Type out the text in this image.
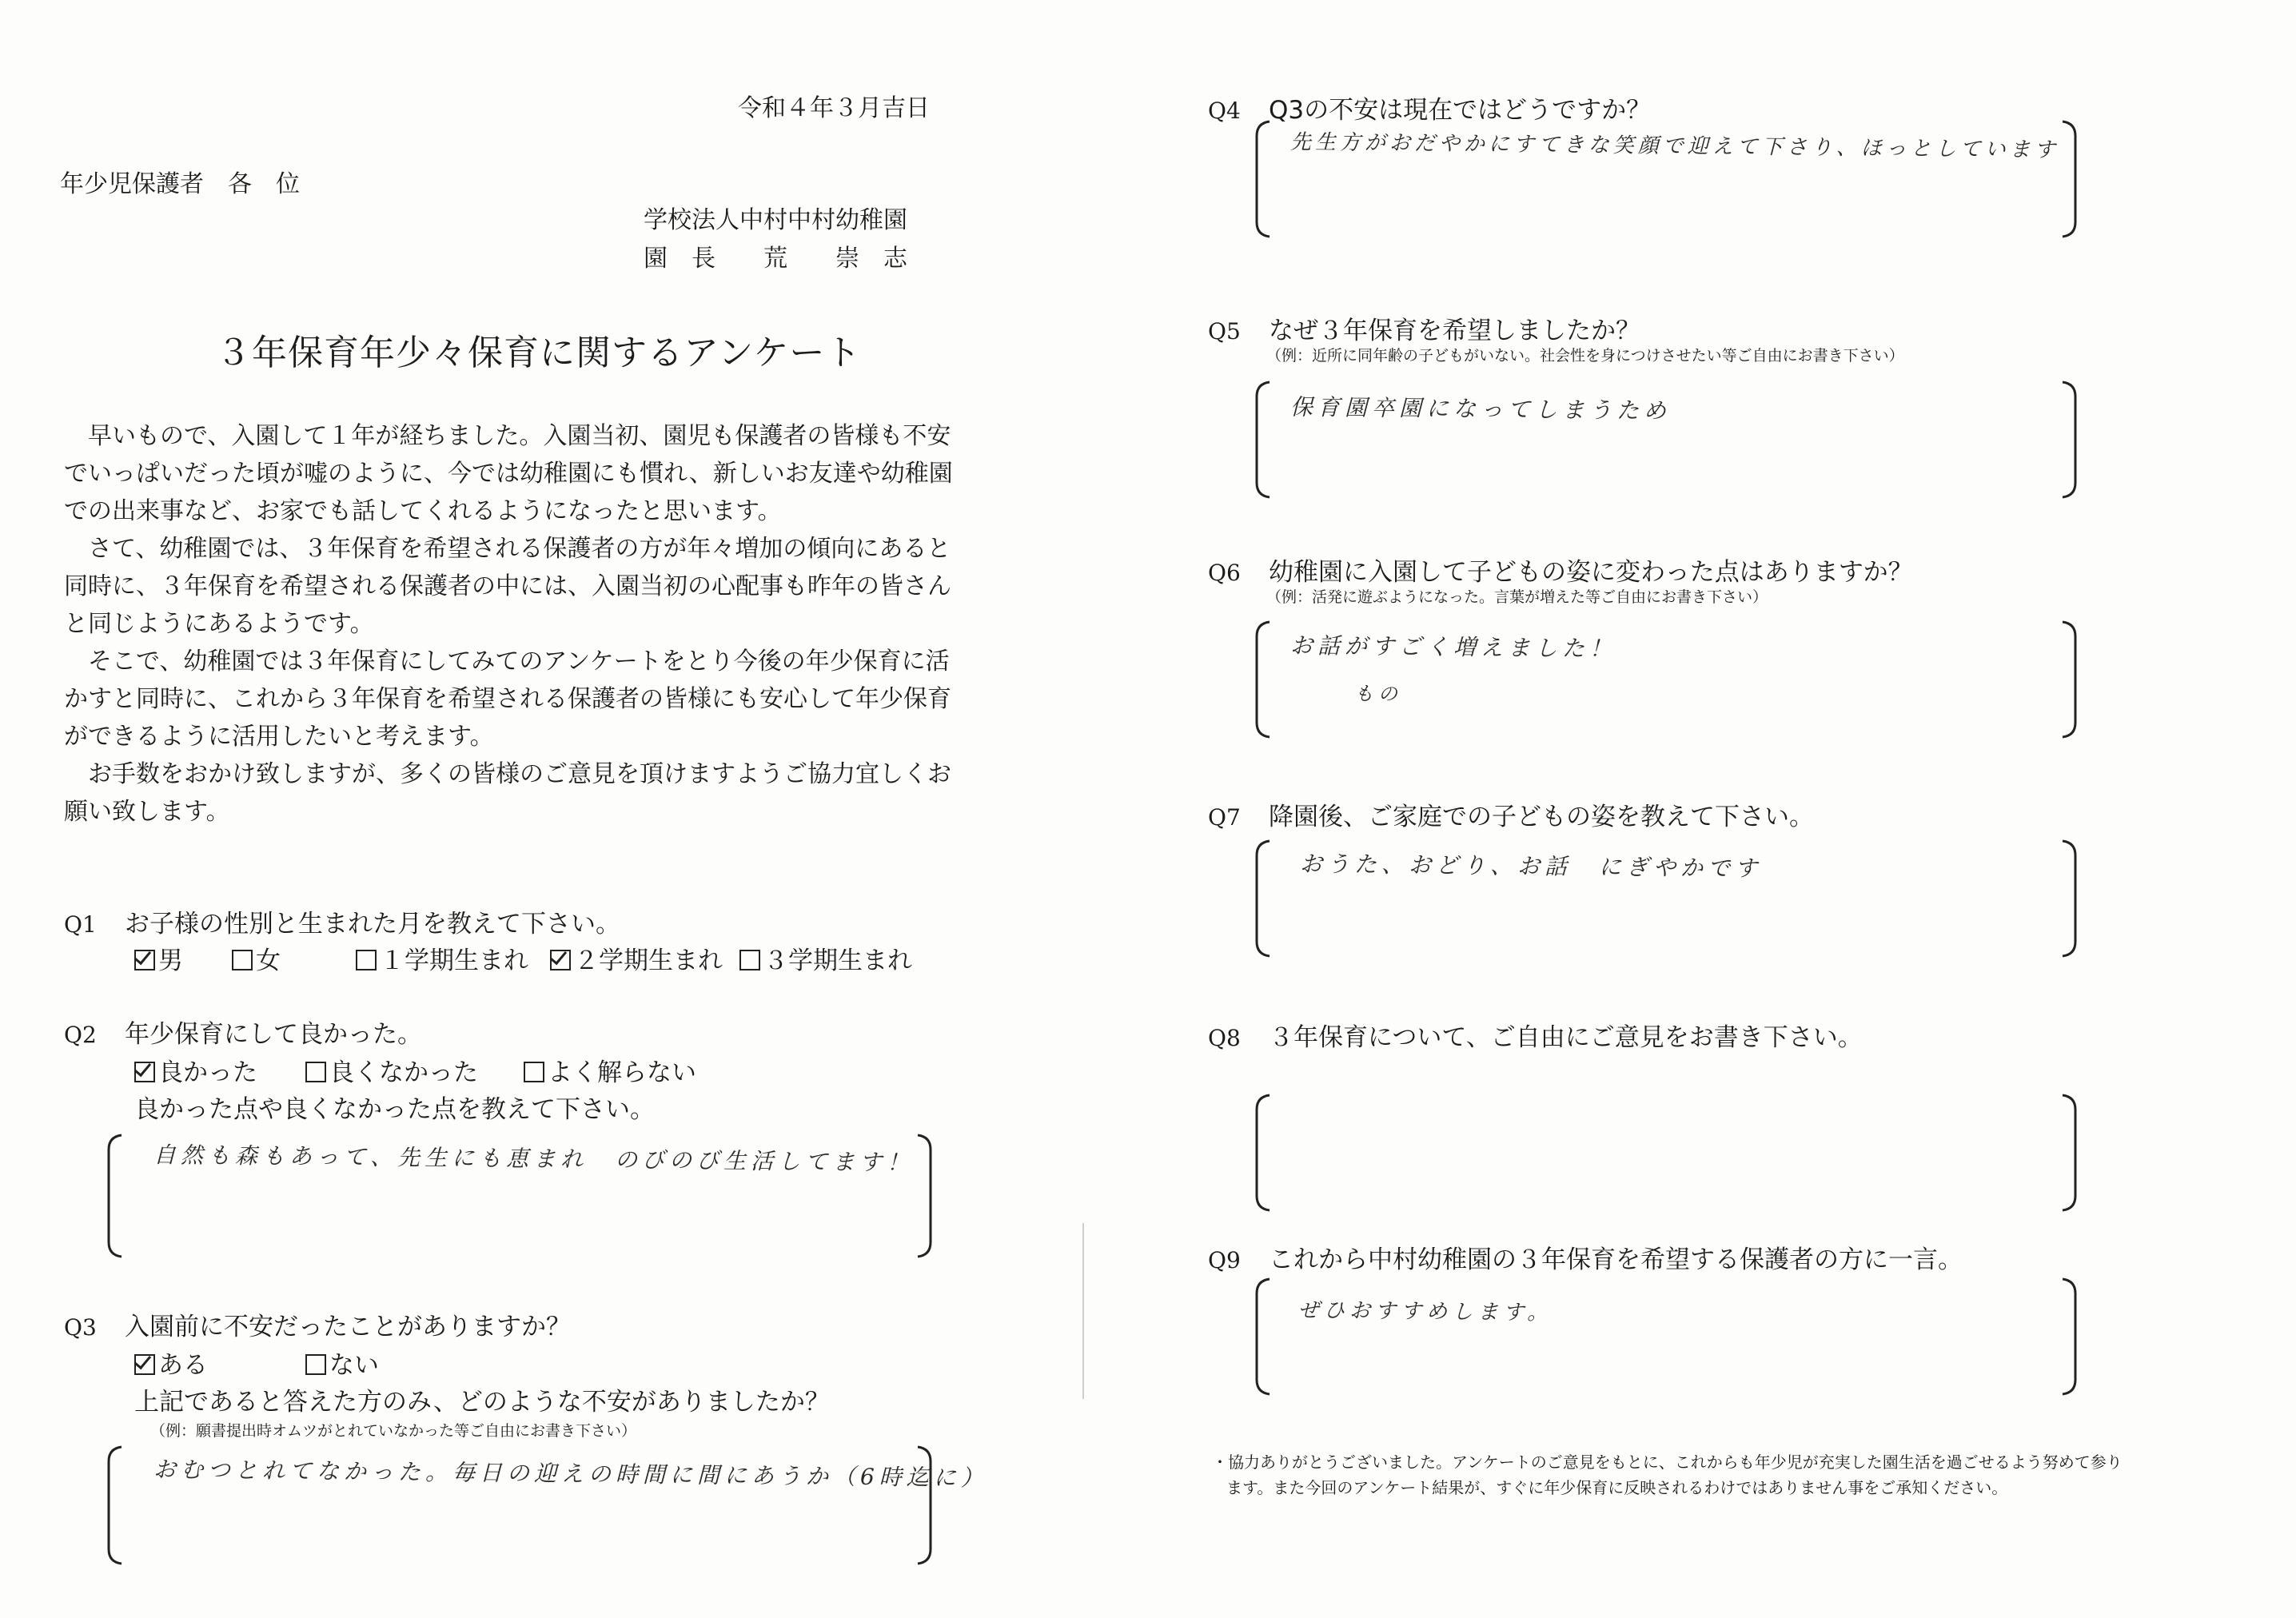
令和４年３月吉日
年少児保護者　各　位
学校法人中村中村幼稚園
園　長　　荒　　崇　志
３年保育年少々保育に関するアンケート

早いもので、入園して１年が経ちました。入園当初、園児も保護者の皆様も不安でいっぱいだった頃が嘘のように、今では幼稚園にも慣れ、新しいお友達や幼稚園での出来事など、お家でも話してくれるようになったと思います。

さて、幼稚園では、３年保育を希望される保護者の方が年々増加の傾向にあると同時に、３年保育を希望される保護者の中には、入園当初の心配事も昨年の皆さんと同じようにあるようです。

そこで、幼稚園では３年保育にしてみてのアンケートをとり今後の年少保育に活かすと同時に、これから３年保育を希望される保護者の皆様にも安心して年少保育ができるように活用したいと考えます。

お手数をおかけ致しますが、多くの皆様のご意見を頂けますようご協力宜しくお願い致します。

Q1 お子様の性別と生まれた月を教えて下さい。
男	女	１学期生まれ	２学期生まれ	３学期生まれ
Q2 年少保育にして良かった。
良かった	良くなかった	よく解らない
良かった点や良くなかった点を教えて下さい。
自然も森もあって、先生にも恵まれ　のびのび生活してます！
Q3 入園前に不安だったことがありますか？
ある	ない
上記であると答えた方のみ、どのような不安がありましたか？
（例：願書提出時オムツがとれていなかった等ご自由にお書き下さい）
おむつとれてなかった。毎日の迎えの時間に間にあうか（6時迄に）
Q4 Q3の不安は現在ではどうですか？
先生方がおだやかにすてきな笑顔で迎えて下さり、ほっとしています
Q5 なぜ３年保育を希望しましたか？
（例：近所に同年齢の子どもがいない。社会性を身につけさせたい等ご自由にお書き下さい）
保育園卒園になってしまうため
Q6 幼稚園に入園して子どもの姿に変わった点はありますか？
（例：活発に遊ぶようになった。言葉が増えた等ご自由にお書き下さい）
お話がすごく増えました！
もの
Q7 降園後、ご家庭での子どもの姿を教えて下さい。
おうた、おどり、お話　にぎやかです
Q8 ３年保育について、ご自由にご意見をお書き下さい。
Q9 これから中村幼稚園の３年保育を希望する保護者の方に一言。
ぜひおすすめします。
・協力ありがとうございました。アンケートのご意見をもとに、これからも年少児が充実した園生活を過ごせるよう努めて参り
ます。また今回のアンケート結果が、すぐに年少保育に反映されるわけではありません事をご承知ください。
